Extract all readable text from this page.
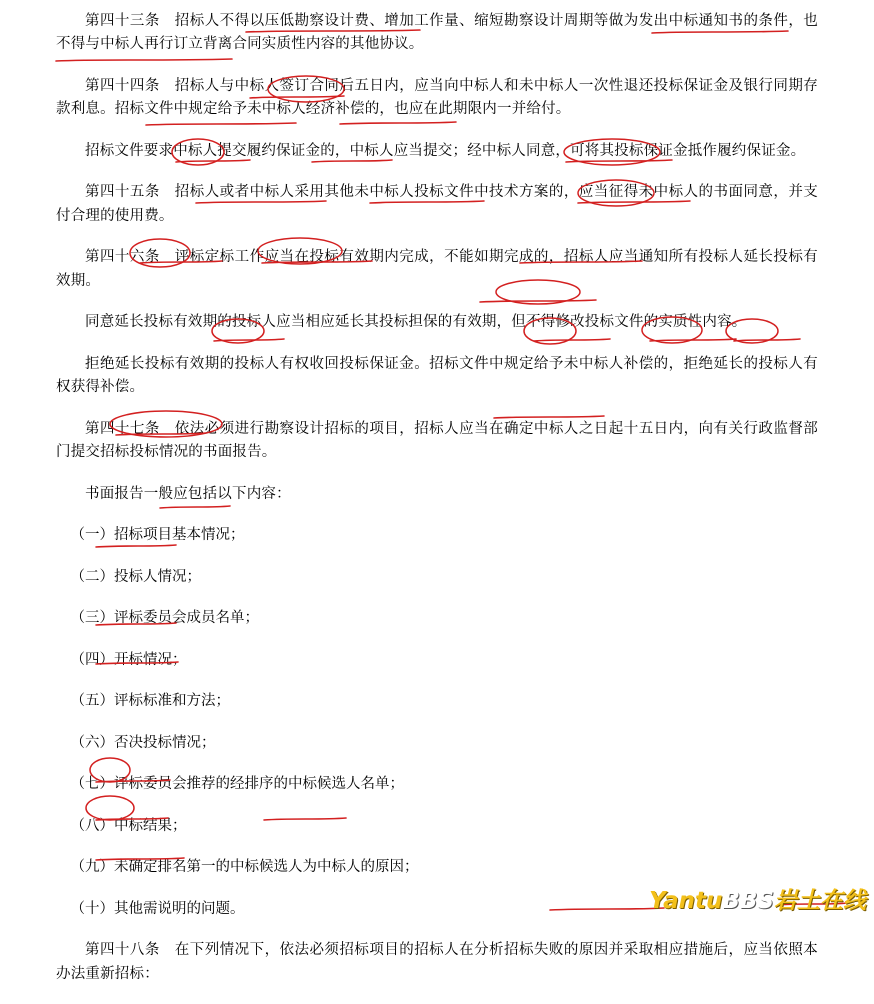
第四十三条　招标人不得以压低勘察设计费、增加工作量、缩短勘察设计周期等做为发出中标通知书的条件，也不得与中标人再行订立背离合同实质性内容的其他协议。

第四十四条　招标人与中标人签订合同后五日内，应当向中标人和未中标人一次性退还投标保证金及银行同期存款利息。招标文件中规定给予未中标人经济补偿的，也应在此期限内一并给付。

招标文件要求中标人提交履约保证金的，中标人应当提交；经中标人同意，可将其投标保证金抵作履约保证金。

第四十五条　招标人或者中标人采用其他未中标人投标文件中技术方案的，应当征得未中标人的书面同意，并支付合理的使用费。

第四十六条　评标定标工作应当在投标有效期内完成，不能如期完成的，招标人应当通知所有投标人延长投标有效期。

同意延长投标有效期的投标人应当相应延长其投标担保的有效期，但不得修改投标文件的实质性内容。

拒绝延长投标有效期的投标人有权收回投标保证金。招标文件中规定给予未中标人补偿的，拒绝延长的投标人有权获得补偿。

第四十七条　依法必须进行勘察设计招标的项目，招标人应当在确定中标人之日起十五日内，向有关行政监督部门提交招标投标情况的书面报告。

书面报告一般应包括以下内容：

（一）招标项目基本情况；

（二）投标人情况；

（三）评标委员会成员名单；

（四）开标情况；

（五）评标标准和方法；

（六）否决投标情况；

（七）评标委员会推荐的经排序的中标候选人名单；

（八）中标结果；

（九）未确定排名第一的中标候选人为中标人的原因；

（十）其他需说明的问题。

第四十八条　在下列情况下，依法必须招标项目的招标人在分析招标失败的原因并采取相应措施后，应当依照本办法重新招标：

YantuBBS岩土在线
